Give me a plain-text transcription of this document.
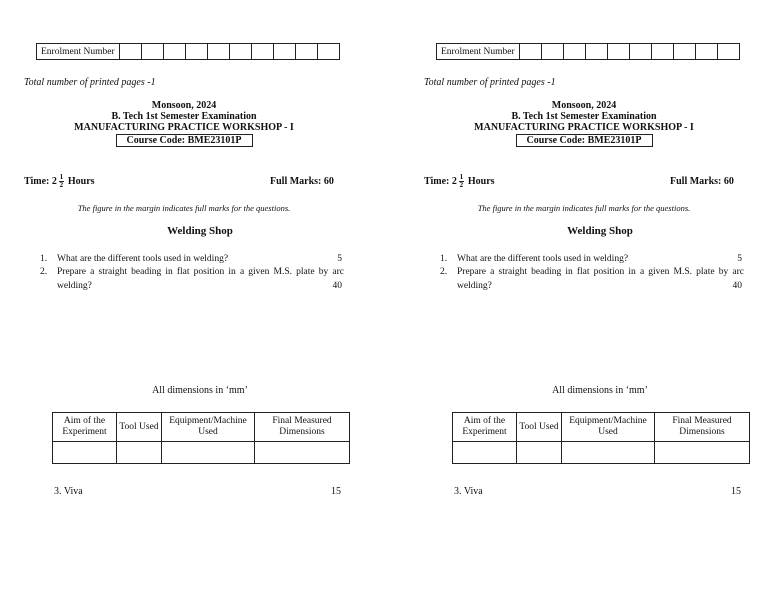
Enrolment Number										
Total number of printed pages -1
Monsoon, 2024
B. Tech 1st Semester Examination
MANUFACTURING PRACTICE WORKSHOP - I
Course Code: BME23101P
Time: $2 \frac{1}{2}$ Hours	Full Marks: 60
The figure in the margin indicates full marks for the questions.
Welding Shop
1. What are the different tools used in welding?	5
2. Prepare a straight beading in flat position in a given M.S. plate by arc welding?	40
All dimensions in ‘mm’
Aim of the Experiment	Tool Used	Equipment/Machine Used	Final Measured Dimensions

3. Viva	15
Enrolment Number										
Total number of printed pages -1
Monsoon, 2024
B. Tech 1st Semester Examination
MANUFACTURING PRACTICE WORKSHOP - I
Course Code: BME23101P
Time: $2 \frac{1}{2}$ Hours	Full Marks: 60
The figure in the margin indicates full marks for the questions.
Welding Shop
1. What are the different tools used in welding?	5
2. Prepare a straight beading in flat position in a given M.S. plate by arc welding?	40
All dimensions in ‘mm’
Aim of the Experiment	Tool Used	Equipment/Machine Used	Final Measured Dimensions

3. Viva	15
